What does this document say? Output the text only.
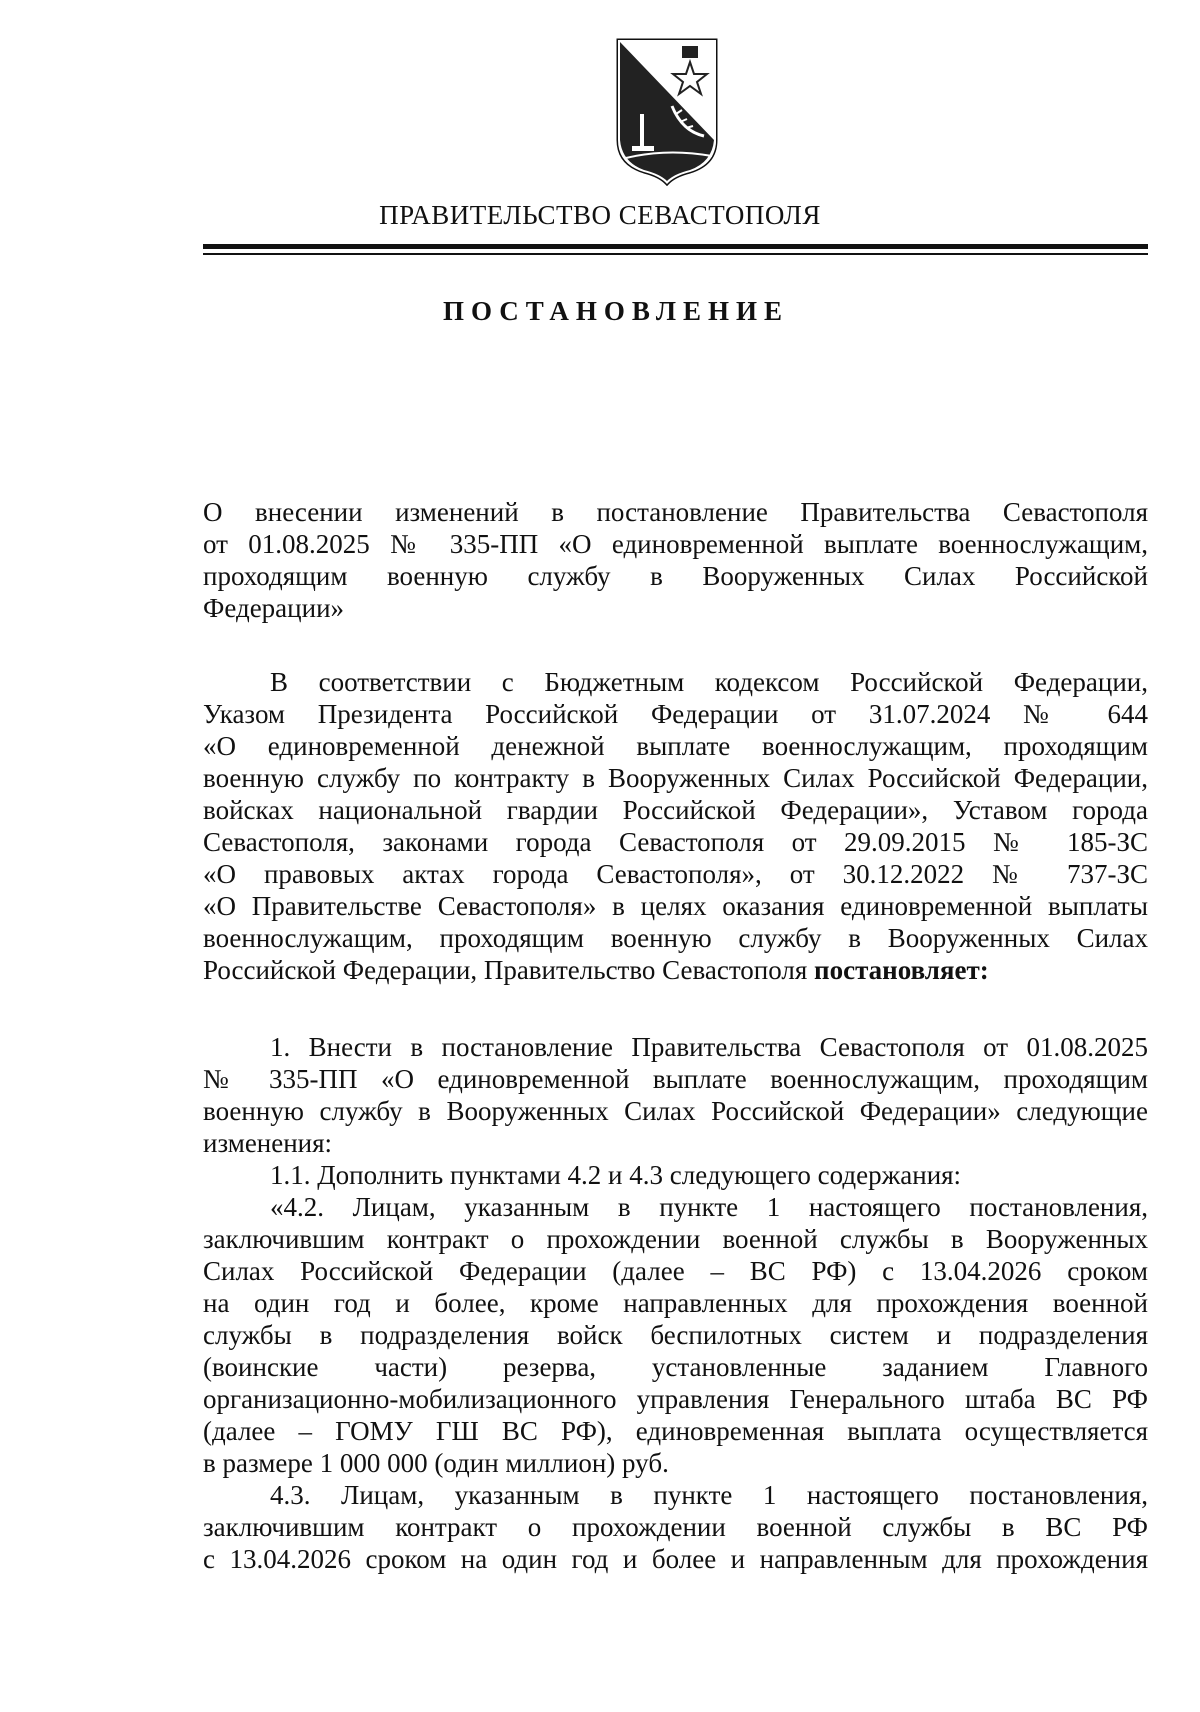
ПРАВИТЕЛЬСТВО СЕВАСТОПОЛЯ
ПОСТАНОВЛЕНИЕ
О внесении изменений в постановление Правительства Севастополя
от 01.08.2025 № 335-ПП «О единовременной выплате военнослужащим,
проходящим военную службу в Вооруженных Силах Российской
Федерации»
В соответствии с Бюджетным кодексом Российской Федерации,
Указом Президента Российской Федерации от 31.07.2024 № 644
«О единовременной денежной выплате военнослужащим, проходящим
военную службу по контракту в Вооруженных Силах Российской Федерации,
войсках национальной гвардии Российской Федерации», Уставом города
Севастополя, законами города Севастополя от 29.09.2015 № 185-ЗС
«О правовых актах города Севастополя», от 30.12.2022 № 737-ЗС
«О Правительстве Севастополя» в целях оказания единовременной выплаты
военнослужащим, проходящим военную службу в Вооруженных Силах
Российской Федерации, Правительство Севастополя постановляет:
1. Внести в постановление Правительства Севастополя от 01.08.2025
№ 335-ПП «О единовременной выплате военнослужащим, проходящим
военную службу в Вооруженных Силах Российской Федерации» следующие
изменения:
1.1. Дополнить пунктами 4.2 и 4.3 следующего содержания:
«4.2. Лицам, указанным в пункте 1 настоящего постановления,
заключившим контракт о прохождении военной службы в Вооруженных
Силах Российской Федерации (далее – ВС РФ) с 13.04.2026 сроком
на один год и более, кроме направленных для прохождения военной
службы в подразделения войск беспилотных систем и подразделения
(воинские части) резерва, установленные заданием Главного
организационно-мобилизационного управления Генерального штаба ВС РФ
(далее – ГОМУ ГШ ВС РФ), единовременная выплата осуществляется
в размере 1 000 000 (один миллион) руб.
4.3. Лицам, указанным в пункте 1 настоящего постановления,
заключившим контракт о прохождении военной службы в ВС РФ
с 13.04.2026 сроком на один год и более и направленным для прохождения
